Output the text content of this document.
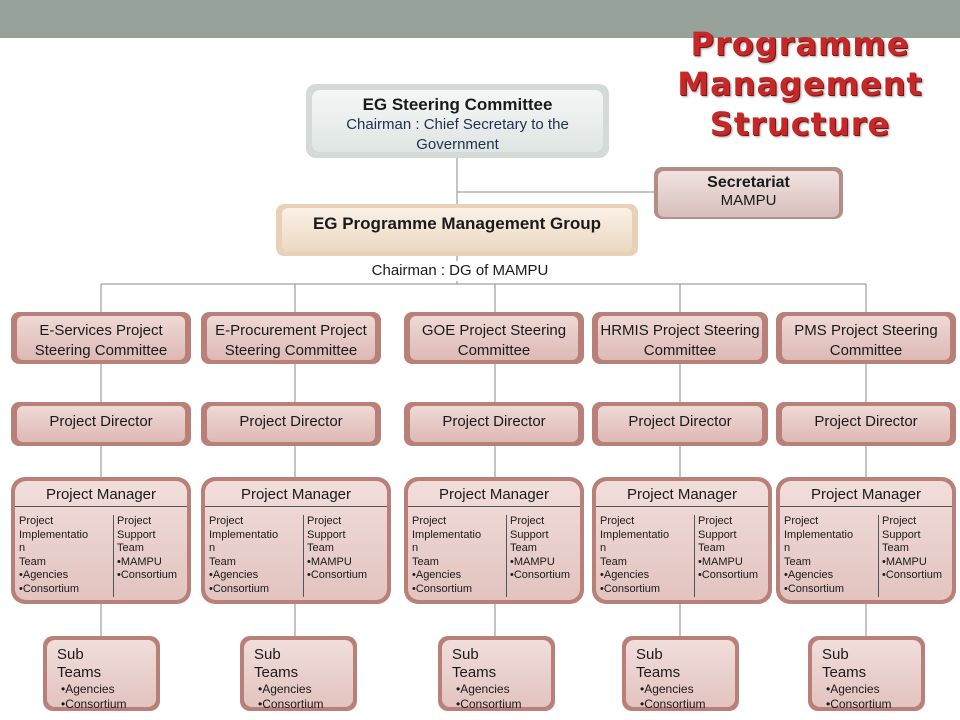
Programme
Management
Structure
EG Steering Committee
Chairman : Chief Secretary to the Government
Secretariat
MAMPU
EG Programme Management Group
Chairman : DG of MAMPU
E-Services Project Steering Committee
Project Director
Project Manager
Project
Implementatio
n
Team
•Agencies
•Consortium
Project
Support
Team
•MAMPU
•Consortium
Sub
Teams
•Agencies
•Consortium
E-Procurement Project Steering Committee
Project Director
Project Manager
Project
Implementatio
n
Team
•Agencies
•Consortium
Project
Support
Team
•MAMPU
•Consortium
Sub
Teams
•Agencies
•Consortium
GOE Project Steering Committee
Project Director
Project Manager
Project
Implementatio
n
Team
•Agencies
•Consortium
Project
Support
Team
•MAMPU
•Consortium
Sub
Teams
•Agencies
•Consortium
HRMIS Project Steering Committee
Project Director
Project Manager
Project
Implementatio
n
Team
•Agencies
•Consortium
Project
Support
Team
•MAMPU
•Consortium
Sub
Teams
•Agencies
•Consortium
PMS Project Steering Committee
Project Director
Project Manager
Project
Implementatio
n
Team
•Agencies
•Consortium
Project
Support
Team
•MAMPU
•Consortium
Sub
Teams
•Agencies
•Consortium
